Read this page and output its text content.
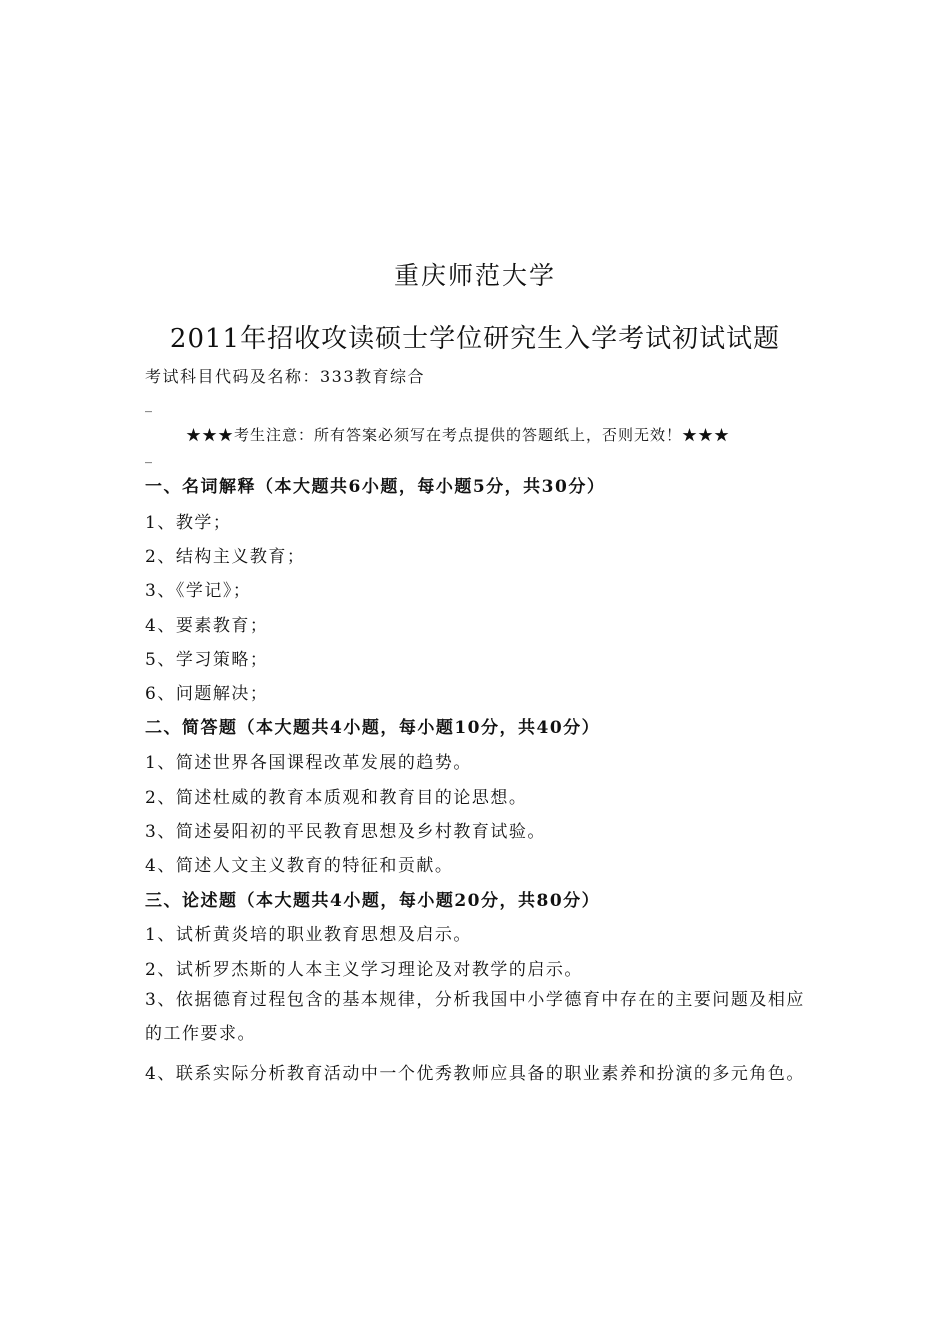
重庆师范大学
2011年招收攻读硕士学位研究生入学考试初试试题
考试科目代码及名称：333教育综合
_
★★★考生注意：所有答案必须写在考点提供的答题纸上，否则无效！★★★
_
一、名词解释（本大题共6小题，每小题5分，共30分）
1、教学；
2、结构主义教育；
3、《学记》；
4、要素教育；
5、学习策略；
6、问题解决；
二、简答题（本大题共4小题，每小题10分，共40分）
1、简述世界各国课程改革发展的趋势。
2、简述杜威的教育本质观和教育目的论思想。
3、简述晏阳初的平民教育思想及乡村教育试验。
4、简述人文主义教育的特征和贡献。
三、论述题（本大题共4小题，每小题20分，共80分）
1、试析黄炎培的职业教育思想及启示。
2、试析罗杰斯的人本主义学习理论及对教学的启示。
3、依据德育过程包含的基本规律，分析我国中小学德育中存在的主要问题及相应的工作要求。
4、联系实际分析教育活动中一个优秀教师应具备的职业素养和扮演的多元角色。
